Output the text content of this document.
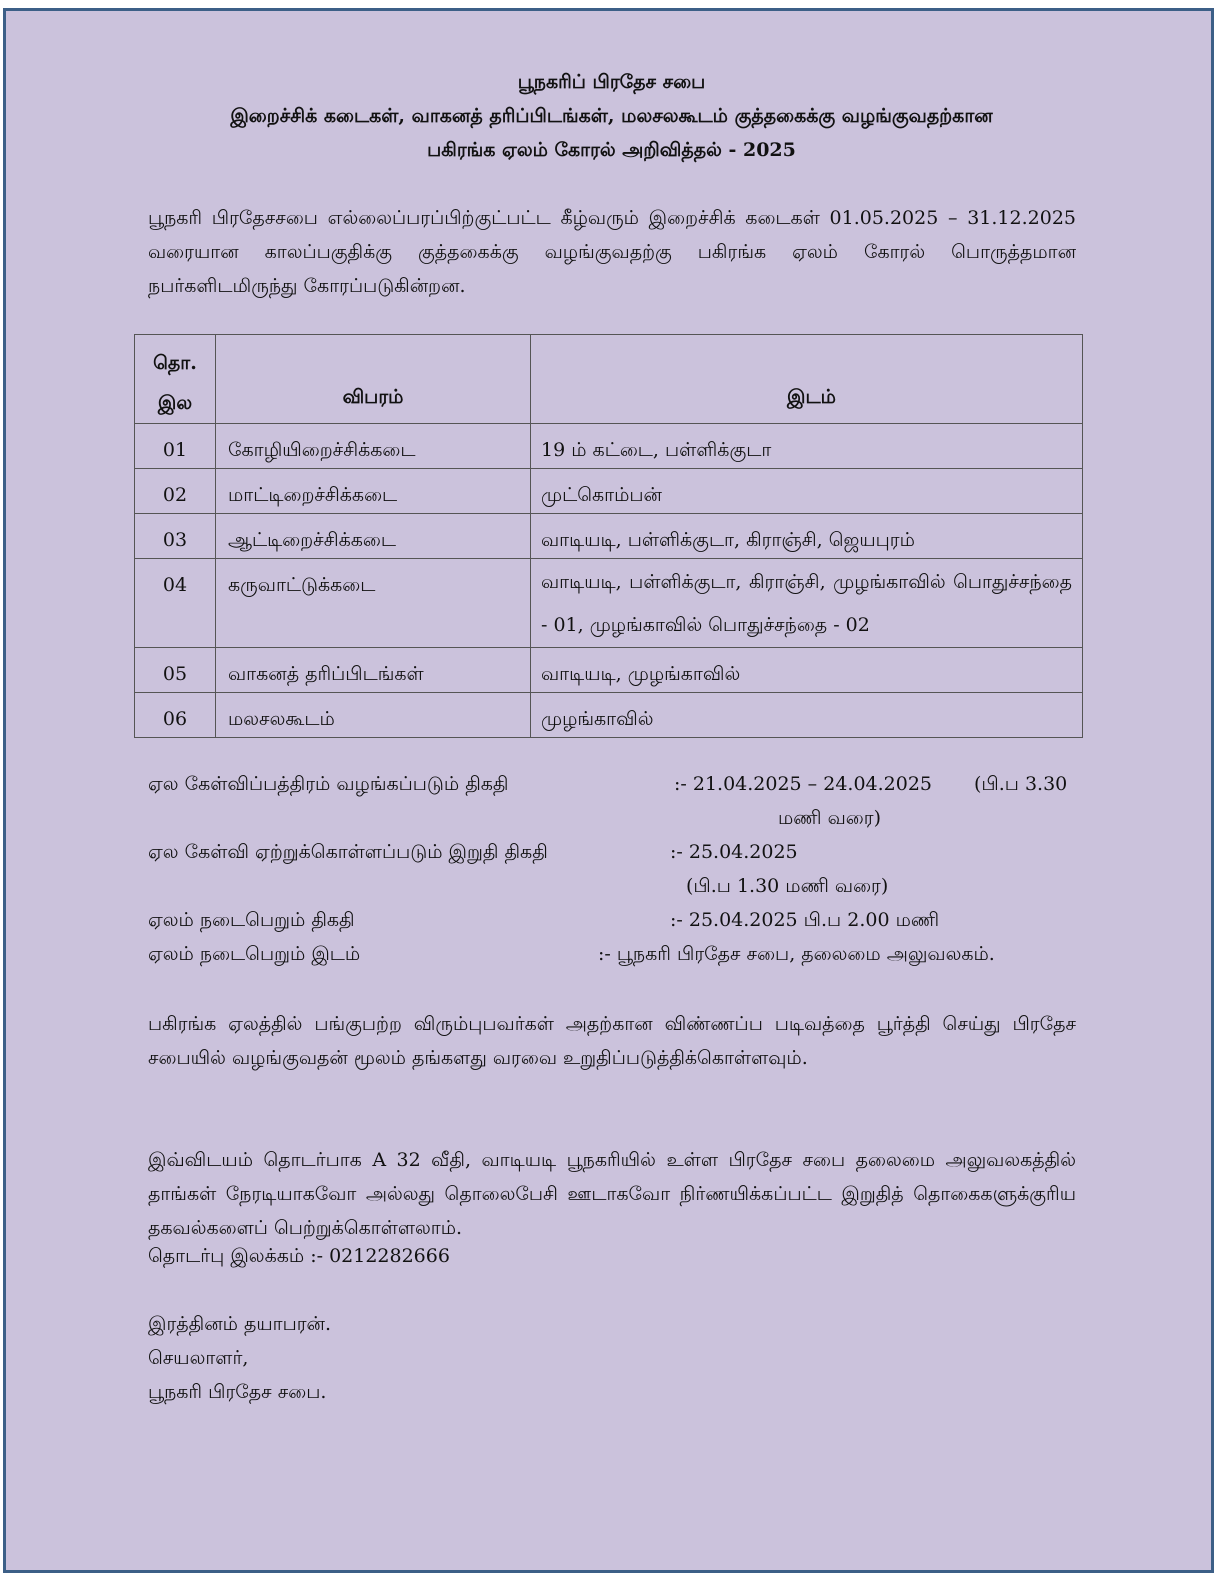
பூநகரிப் பிரதேச சபை
இறைச்சிக் கடைகள், வாகனத் தரிப்பிடங்கள், மலசலகூடம் குத்தகைக்கு வழங்குவதற்கான
பகிரங்க ஏலம் கோரல் அறிவித்தல் - 2025
பூநகரி பிரதேசசபை எல்லைப்பரப்பிற்குட்பட்ட கீழ்வரும் இறைச்சிக் கடைகள் 01.05.2025 – 31.12.2025 வரையான காலப்பகுதிக்கு குத்தகைக்கு வழங்குவதற்கு பகிரங்க ஏலம் கோரல் பொருத்தமான நபர்களிடமிருந்து கோரப்படுகின்றன.
தொ.
இல	விபரம்	இடம்

01	கோழியிறைச்சிக்கடை	19 ம் கட்டை, பள்ளிக்குடா

02	மாட்டிறைச்சிக்கடை	முட்கொம்பன்

03	ஆட்டிறைச்சிக்கடை	வாடியடி, பள்ளிக்குடா, கிராஞ்சி, ஜெயபுரம்

04	கருவாட்டுக்கடை	வாடியடி, பள்ளிக்குடா, கிராஞ்சி, முழங்காவில் பொதுச்சந்தை - 01, முழங்காவில் பொதுச்சந்தை - 02

05	வாகனத் தரிப்பிடங்கள்	வாடியடி, முழங்காவில்

06	மலசலகூடம்	முழங்காவில்
ஏல கேள்விப்பத்திரம் வழங்கப்படும் திகதி	:- 21.04.2025 – 24.04.2025 (பி.ப 3.30
மணி வரை)
ஏல கேள்வி ஏற்றுக்கொள்ளப்படும் இறுதி திகதி	:- 25.04.2025
(பி.ப 1.30 மணி வரை)
ஏலம் நடைபெறும் திகதி	:- 25.04.2025 பி.ப 2.00 மணி
ஏலம் நடைபெறும் இடம்	:- பூநகரி பிரதேச சபை, தலைமை அலுவலகம்.
பகிரங்க ஏலத்தில் பங்குபற்ற விரும்புபவர்கள் அதற்கான விண்ணப்ப படிவத்தை பூர்த்தி செய்து பிரதேச சபையில் வழங்குவதன் மூலம் தங்களது வரவை உறுதிப்படுத்திக்கொள்ளவும்.
இவ்விடயம் தொடர்பாக A 32 வீதி, வாடியடி பூநகரியில் உள்ள பிரதேச சபை தலைமை அலுவலகத்தில் தாங்கள் நேரடியாகவோ அல்லது தொலைபேசி ஊடாகவோ நிர்ணயிக்கப்பட்ட இறுதித் தொகைகளுக்குரிய தகவல்களைப் பெற்றுக்கொள்ளலாம்.
தொடர்பு இலக்கம் :- 0212282666
இரத்தினம் தயாபரன்.
செயலாளர்,
பூநகரி பிரதேச சபை.
